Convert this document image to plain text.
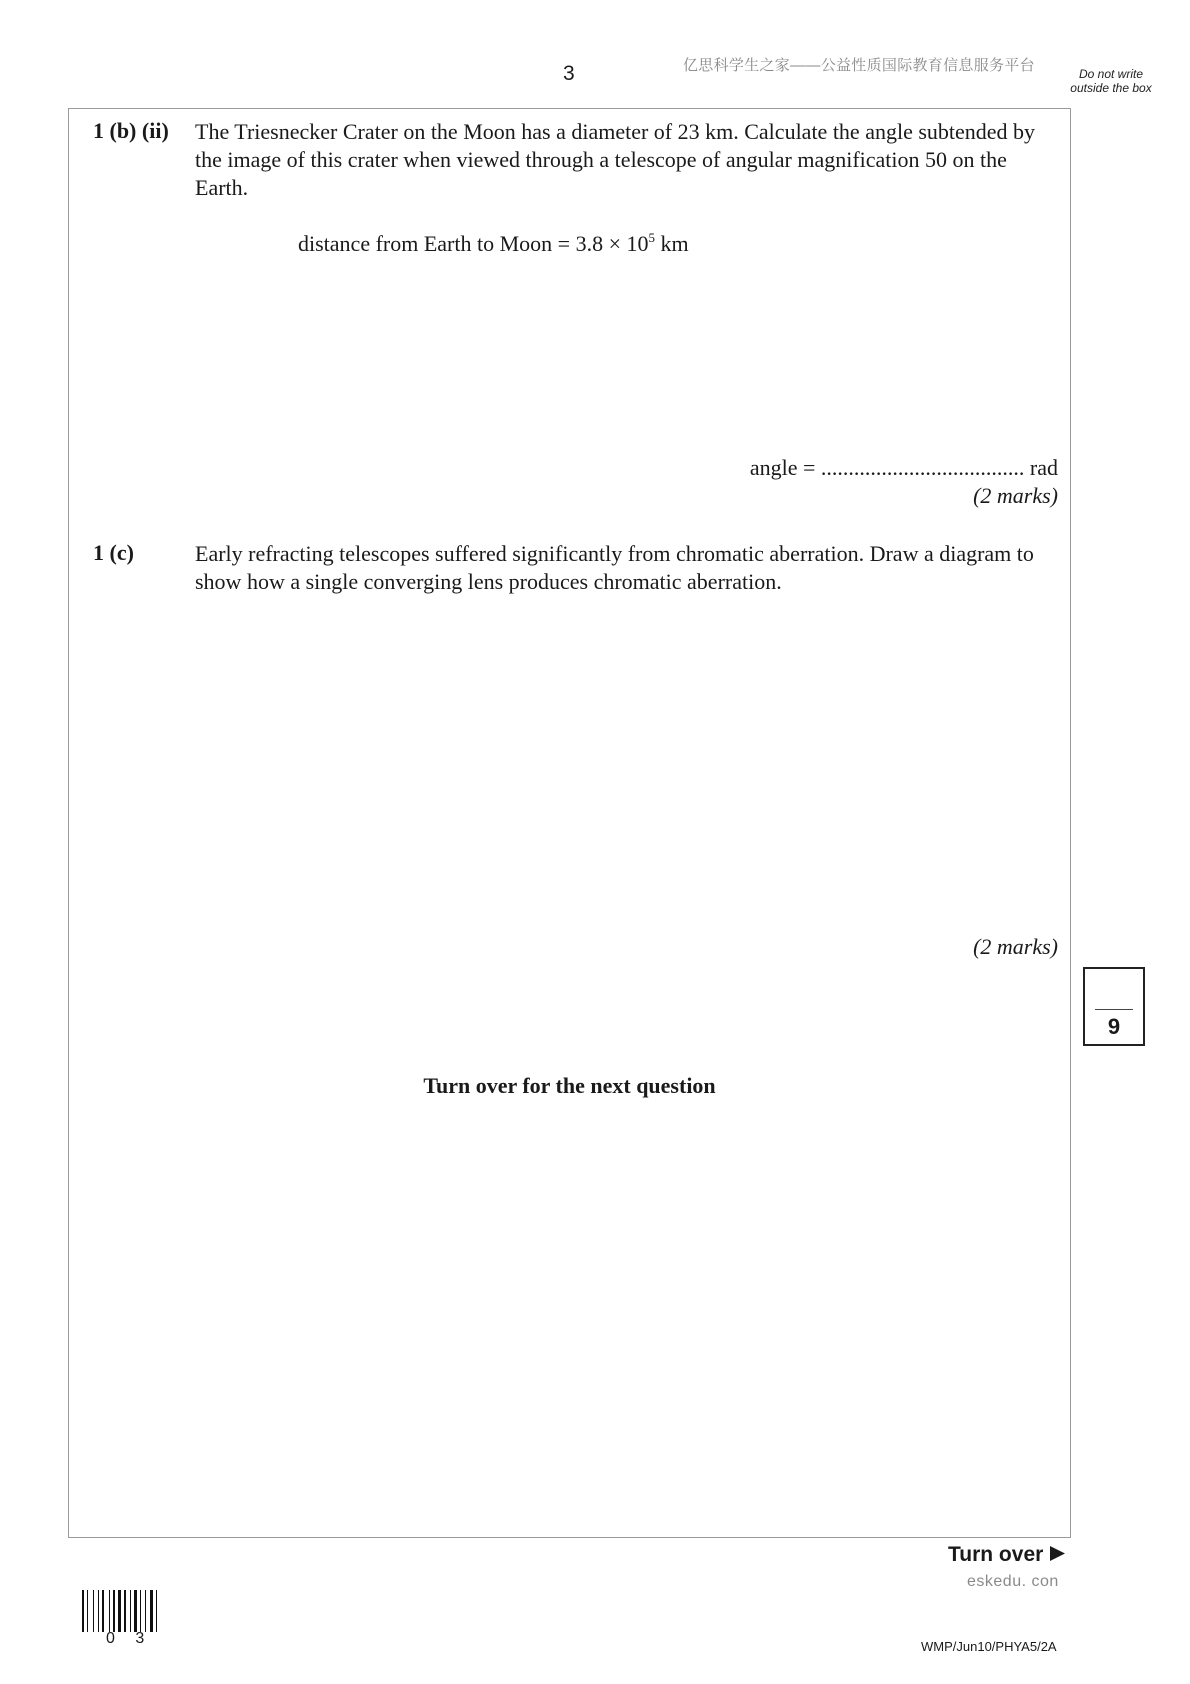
3	亿思科学生之家——公益性质国际教育信息服务平台	Do not write outside the box
1 (b) (ii) The Triesnecker Crater on the Moon has a diameter of 23 km. Calculate the angle subtended by the image of this crater when viewed through a telescope of angular magnification 50 on the Earth.
distance from Earth to Moon = $3.8 \times 10^5$ km
angle = ..................................... rad
(2 marks)
1 (c)	Early refracting telescopes suffered significantly from chromatic aberration. Draw a diagram to show how a single converging lens produces chromatic aberration.
(2 marks)
9
Turn over for the next question
Turn over
eskedu. con
0 3	WMP/Jun10/PHYA5/2A
